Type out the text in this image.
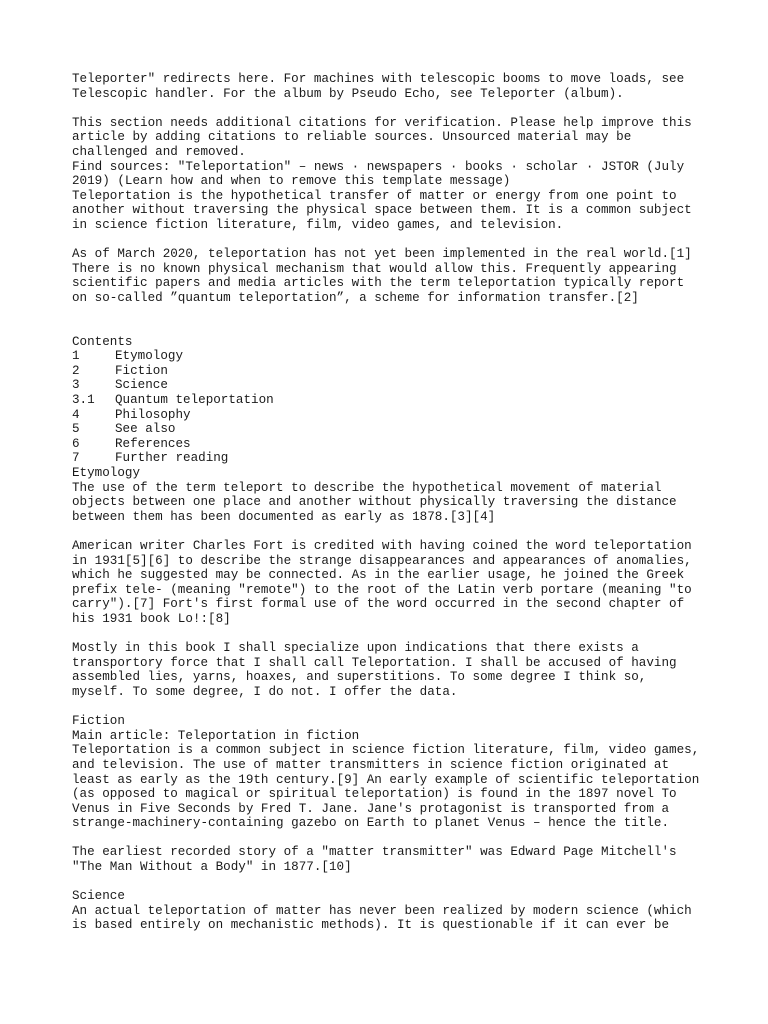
Teleporter" redirects here. For machines with telescopic booms to move loads, see
Telescopic handler. For the album by Pseudo Echo, see Teleporter (album).
This section needs additional citations for verification. Please help improve this
article by adding citations to reliable sources. Unsourced material may be
challenged and removed.
Find sources: "Teleportation" – news · newspapers · books · scholar · JSTOR (July
2019) (Learn how and when to remove this template message)
Teleportation is the hypothetical transfer of matter or energy from one point to
another without traversing the physical space between them. It is a common subject
in science fiction literature, film, video games, and television.
As of March 2020, teleportation has not yet been implemented in the real world.[1]
There is no known physical mechanism that would allow this. Frequently appearing
scientific papers and media articles with the term teleportation typically report
on so-called ”quantum teleportation”, a scheme for information transfer.[2]
Contents
1	Etymology
2	Fiction
3	Science
3.1 Quantum teleportation
4	Philosophy
5	See also
6	References
7	Further reading
Etymology
The use of the term teleport to describe the hypothetical movement of material
objects between one place and another without physically traversing the distance
between them has been documented as early as 1878.[3][4]
American writer Charles Fort is credited with having coined the word teleportation
in 1931[5][6] to describe the strange disappearances and appearances of anomalies,
which he suggested may be connected. As in the earlier usage, he joined the Greek
prefix tele- (meaning "remote") to the root of the Latin verb portare (meaning "to
carry").[7] Fort's first formal use of the word occurred in the second chapter of
his 1931 book Lo!:[8]
Mostly in this book I shall specialize upon indications that there exists a
transportory force that I shall call Teleportation. I shall be accused of having
assembled lies, yarns, hoaxes, and superstitions. To some degree I think so,
myself. To some degree, I do not. I offer the data.
Fiction
Main article: Teleportation in fiction
Teleportation is a common subject in science fiction literature, film, video games,
and television. The use of matter transmitters in science fiction originated at
least as early as the 19th century.[9] An early example of scientific teleportation
(as opposed to magical or spiritual teleportation) is found in the 1897 novel To
Venus in Five Seconds by Fred T. Jane. Jane's protagonist is transported from a
strange-machinery-containing gazebo on Earth to planet Venus – hence the title.
The earliest recorded story of a "matter transmitter" was Edward Page Mitchell's
"The Man Without a Body" in 1877.[10]
Science
An actual teleportation of matter has never been realized by modern science (which
is based entirely on mechanistic methods). It is questionable if it can ever be
